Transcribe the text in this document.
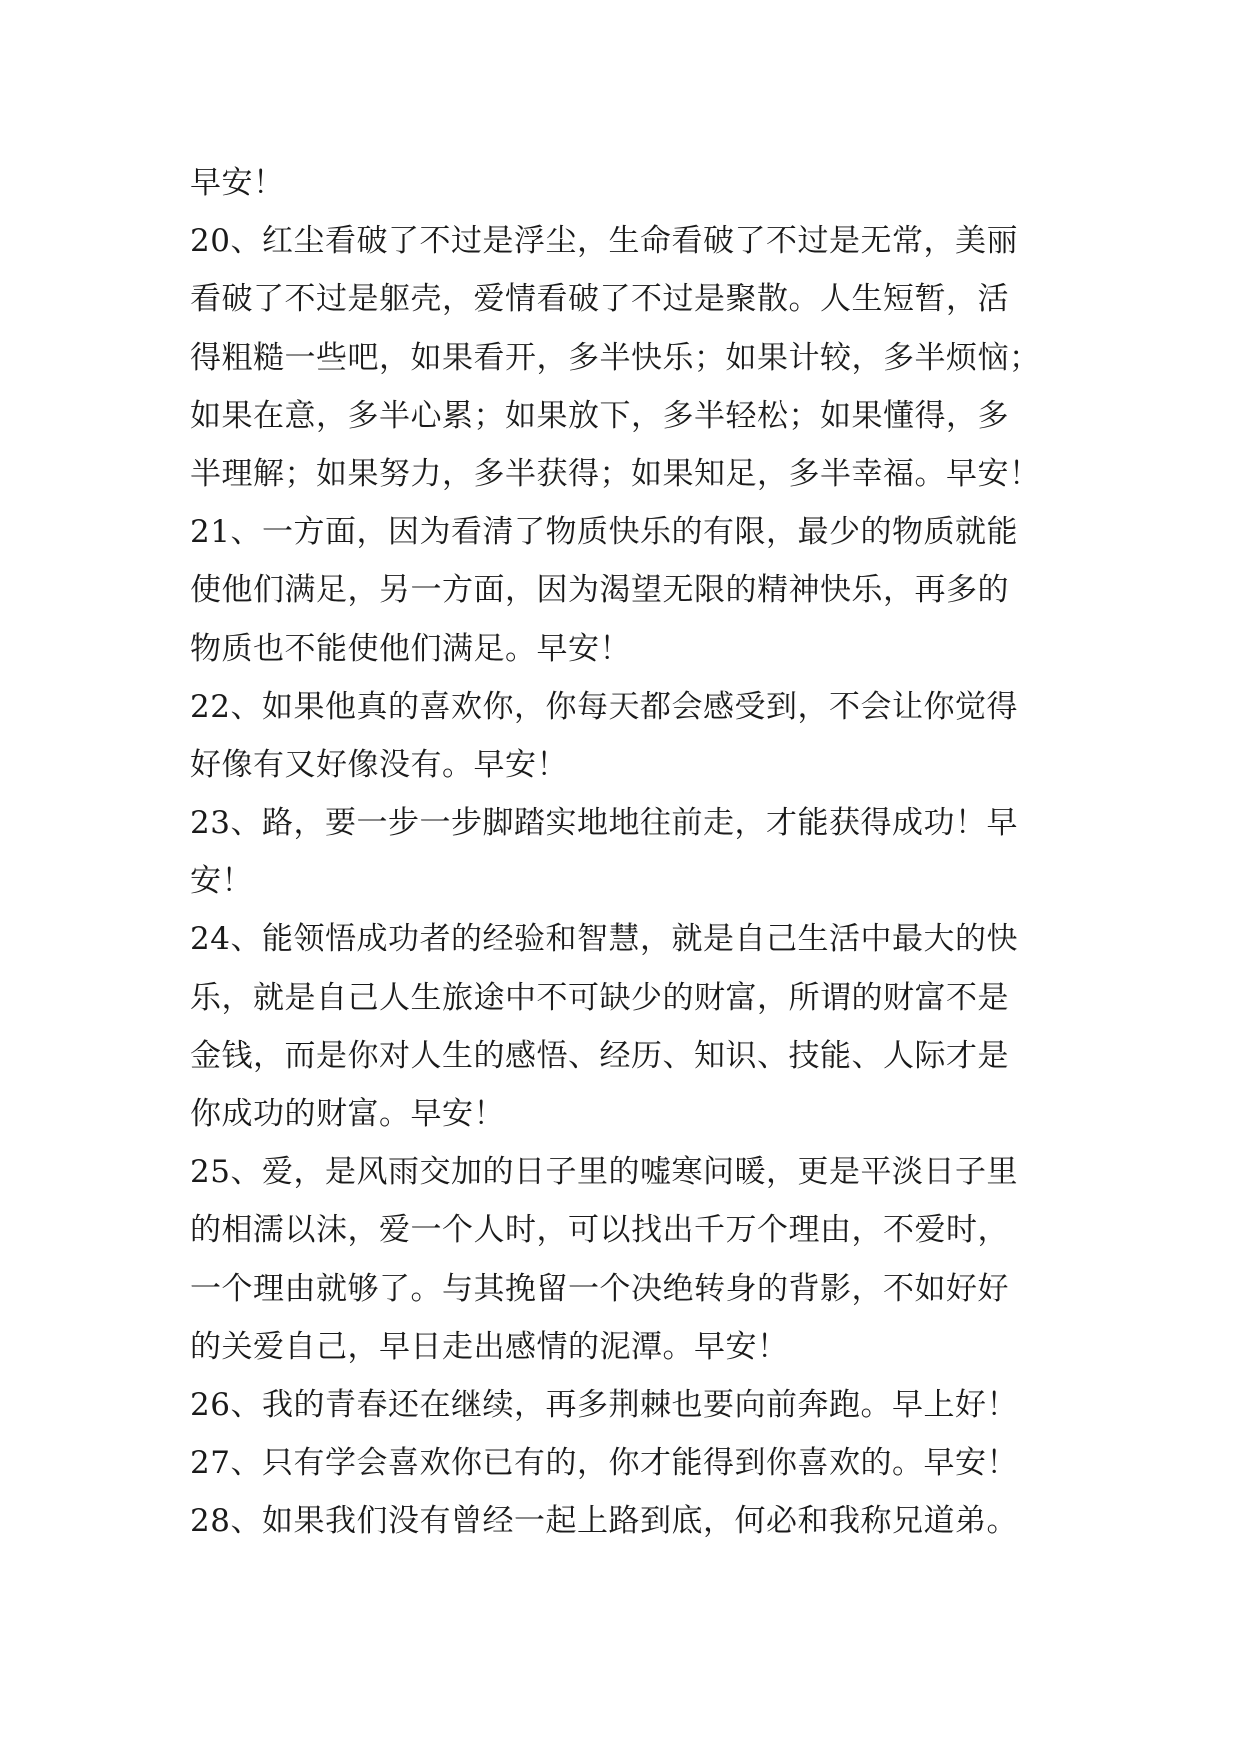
早安！
20、红尘看破了不过是浮尘，生命看破了不过是无常，美丽
看破了不过是躯壳，爱情看破了不过是聚散。人生短暂，活
得粗糙一些吧，如果看开，多半快乐；如果计较，多半烦恼；
如果在意，多半心累；如果放下，多半轻松；如果懂得，多
半理解；如果努力，多半获得；如果知足，多半幸福。早安！
21、一方面，因为看清了物质快乐的有限，最少的物质就能
使他们满足，另一方面，因为渴望无限的精神快乐，再多的
物质也不能使他们满足。早安！
22、如果他真的喜欢你，你每天都会感受到，不会让你觉得
好像有又好像没有。早安！
23、路，要一步一步脚踏实地地往前走，才能获得成功！早
安！
24、能领悟成功者的经验和智慧，就是自己生活中最大的快
乐，就是自己人生旅途中不可缺少的财富，所谓的财富不是
金钱，而是你对人生的感悟、经历、知识、技能、人际才是
你成功的财富。早安！
25、爱，是风雨交加的日子里的嘘寒问暖，更是平淡日子里
的相濡以沫，爱一个人时，可以找出千万个理由，不爱时，
一个理由就够了。与其挽留一个决绝转身的背影，不如好好
的关爱自己，早日走出感情的泥潭。早安！
26、我的青春还在继续，再多荆棘也要向前奔跑。早上好！
27、只有学会喜欢你已有的，你才能得到你喜欢的。早安！
28、如果我们没有曾经一起上路到底，何必和我称兄道弟。
